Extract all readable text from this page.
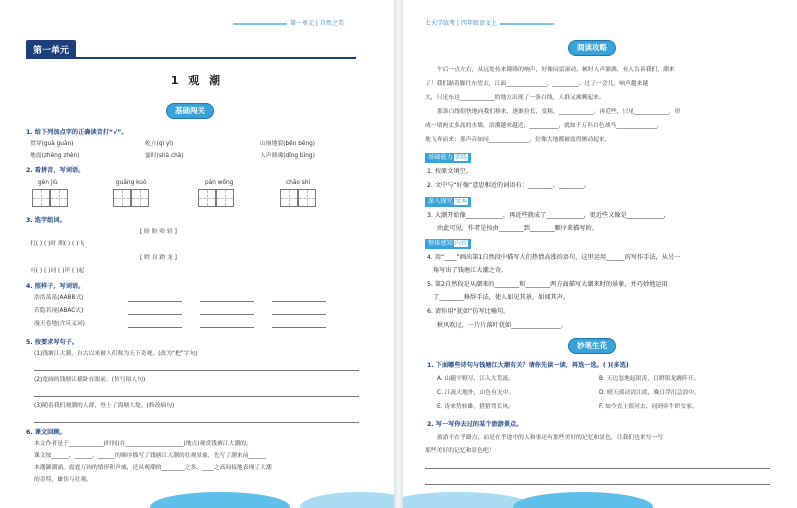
第一单元 | 自然之美
第一单元
1 观 潮
基础闯关
1. 给下列加点字的正确读音打“√”。
贯穿(guà guàn)	屹立(qì yì)	山崩地裂(bēn bēng)
地震(zhèng zhèn)	霎时(shà chà)	人声鼎沸(dǐng bìng)
2. 看拼音，写词语。
gèn jiù	guāng kuò	pán wǒng	chāo shì
3. 选字组词。
[ 盼 盼 哈 轻 ]
打( ) ( )时 期( ) ( )飞
[ 瞪 艮 蹬 龙 ]
可( ) ( )词 ( )岸 ( )起
4. 照样子，写词语。
浩浩荡荡(AABB式)
若隐若现(ABAC式)
漫天卷地(含反义词)
5. 按要求写句子。
(1)钱塘江大潮，自古以来被人们称为天下奇观。(改为“把”字句)
(2)宽阔的钱塘江横卧在眼前。(仿写拟人句)
(3)随着我们观潮的人群，登上了海塘大堤。(修改病句)
6. 课文回顾。
本文作者是于____________(时间)在____________________(地点)观赏钱塘江大潮的，
课文按______、______、______的顺序描写了钱塘江大潮的壮观景象，先写了潮来前______
本潮御潮涌，震霆万钧的情形和声威，还从观潮的________之多、____之高间接地表现了大潮
的奇特，雄伟与壮观。
七天学练考 | 四年级语文上
阅读攻略
午后一点左右，从远处传来隆隆的响声，好像闷雷滚动。顿时人声鼎沸，有人告诉我们，潮来
了！我们踮着脚往东望去，江面______________，_________。过了一会儿，响声越来越
大，只见东边____________的地方出现了一条白线，人群又沸腾起来。
那条白线很快地向我们移来，逐渐拉长，变粗，____________。再近些，只见____________，形
成一堵两丈多高的水墙。浪潮越来越近，__________，就如千万匹白色战马______________，
地飞奔而来；那声音如同______________，好像大地都被震得颤动起来。
基础能力 训练
1. 按原文填空。
2. 文中与“好像”意思相近的词语有：________、________。
深入探究 文本
3. 大潮开始像____________，再近些就成了____________，更近些又像是____________，
由此可见，作者是按由________到________顺序来描写的。
整体感知 内容
4. 用“____”画出第1自然段中描写人们热情高涨的语句，这里运用______的写作手法，从另一
角写出了钱塘江大潮之奇。
5. 第2自然段是从潮来的________和________两方面描写大潮来时的景象，并巧妙地运用
了________修辞手法，使人如见其景，如闻其声。
6. 请你用“犹如”仿写比喻句。
秋风吹过，一片片落叶犹如________________。
妙笔生花
1. 下面哪些诗句与钱塘江大潮有关？请你先读一读，再选一选。( )(多选)
A. 山随平野尽，江入大荒流。	B. 天边忽地起银涛，目瞪银龙跳阵开。
C. 江流天地外，山色有无中。	D. 晴天摇动清江底，晚日浮沉急浪中。
E. 涛来势转雄，猎猎驾长风。	F. 如今直上银河去，同到牵牛织女家。
2. 写一写你去过的某个旅游景点。
旅游不在乎路点，而是在乎途中的人和事还有那些美好的记忆和景色，让我们也来写一写
那些美好的记忆和景色吧！
